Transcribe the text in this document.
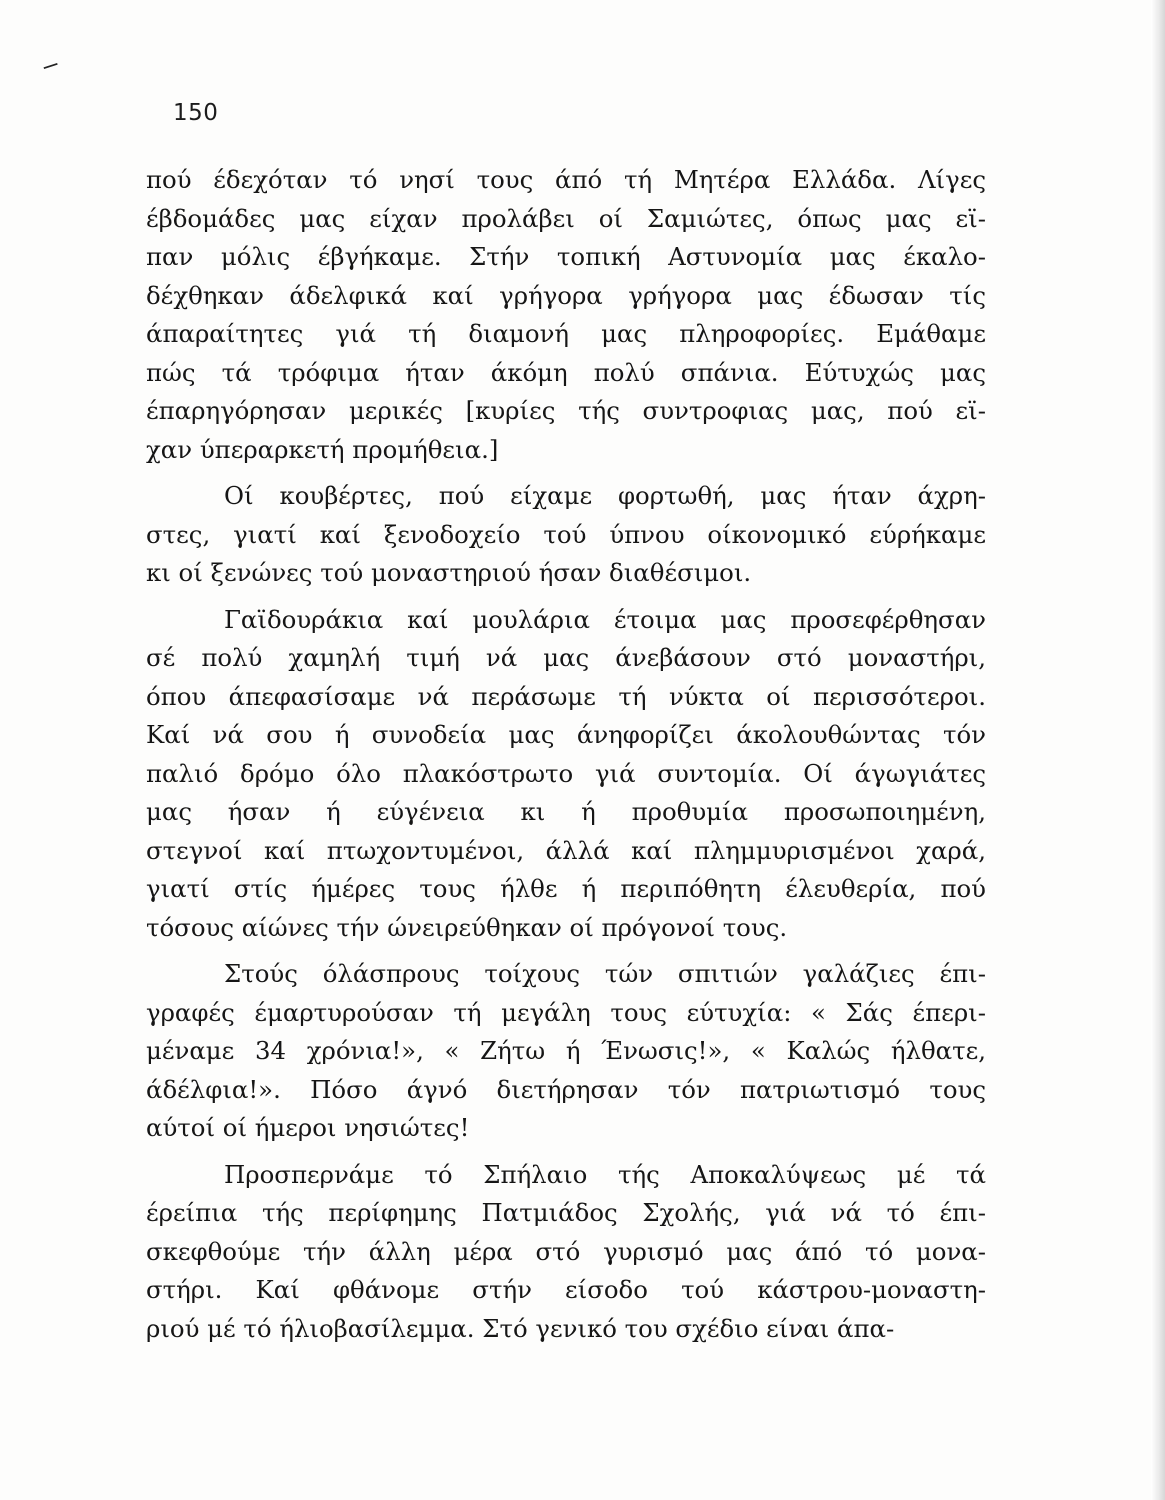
‒
150
πού έδεχόταν τό νησί τους άπό τή Μητέρα Ελλάδα. Λίγες
έβδομάδες μας είχαν προλάβει οί Σαμιώτες, όπως μας εϊ-
παν μόλις έβγήκαμε. Στήν τοπική Αστυνομία μας έκαλο-
δέχθηκαν άδελφικά καί γρήγορα γρήγορα μας έδωσαν τίς
άπαραίτητες γιά τή διαμονή μας πληροφορίες. Εμάθαμε
πώς τά τρόφιμα ήταν άκόμη πολύ σπάνια. Εύτυχώς μας
έπαρηγόρησαν μερικές [κυρίες τής συντροφιας μας, πού εϊ-
χαν ύπεραρκετή προμήθεια.]
Οί κουβέρτες, πού είχαμε φορτωθή, μας ήταν άχρη-
στες, γιατί καί ξενοδοχείο τού ύπνου οίκονομικό εύρήκαμε
κι οί ξενώνες τού μοναστηριού ήσαν διαθέσιμοι.
Γαϊδουράκια καί μουλάρια έτοιμα μας προσεφέρθησαν
σέ πολύ χαμηλή τιμή νά μας άνεβάσουν στό μοναστήρι,
όπου άπεφασίσαμε νά περάσωμε τή νύκτα οί περισσότεροι.
Καί νά σου ή συνοδεία μας άνηφορίζει άκολουθώντας τόν
παλιό δρόμο όλο πλακόστρωτο γιά συντομία. Οί άγωγιάτες
μας ήσαν ή εύγένεια κι ή προθυμία προσωποιημένη,
στεγνοί καί πτωχοντυμένοι, άλλά καί πλημμυρισμένοι χαρά,
γιατί στίς ήμέρες τους ήλθε ή περιπόθητη έλευθερία, πού
τόσους αίώνες τήν ώνειρεύθηκαν οί πρόγονοί τους.
Στούς όλάσπρους τοίχους τών σπιτιών γαλάζιες έπι-
γραφές έμαρτυρούσαν τή μεγάλη τους εύτυχία: « Σάς έπερι-
μέναμε 34 χρόνια!», « Ζήτω ή Ένωσις!», « Καλώς ήλθατε,
άδέλφια!». Πόσο άγνό διετήρησαν τόν πατριωτισμό τους
αύτοί οί ήμεροι νησιώτες!
Προσπερνάμε τό Σπήλαιο τής Αποκαλύψεως μέ τά
έρείπια τής περίφημης Πατμιάδος Σχολής, γιά νά τό έπι-
σκεφθούμε τήν άλλη μέρα στό γυρισμό μας άπό τό μονα-
στήρι. Καί φθάνομε στήν είσοδο τού κάστρου-μοναστη-
ριού μέ τό ήλιοβασίλεμμα. Στό γενικό του σχέδιο είναι άπα-
